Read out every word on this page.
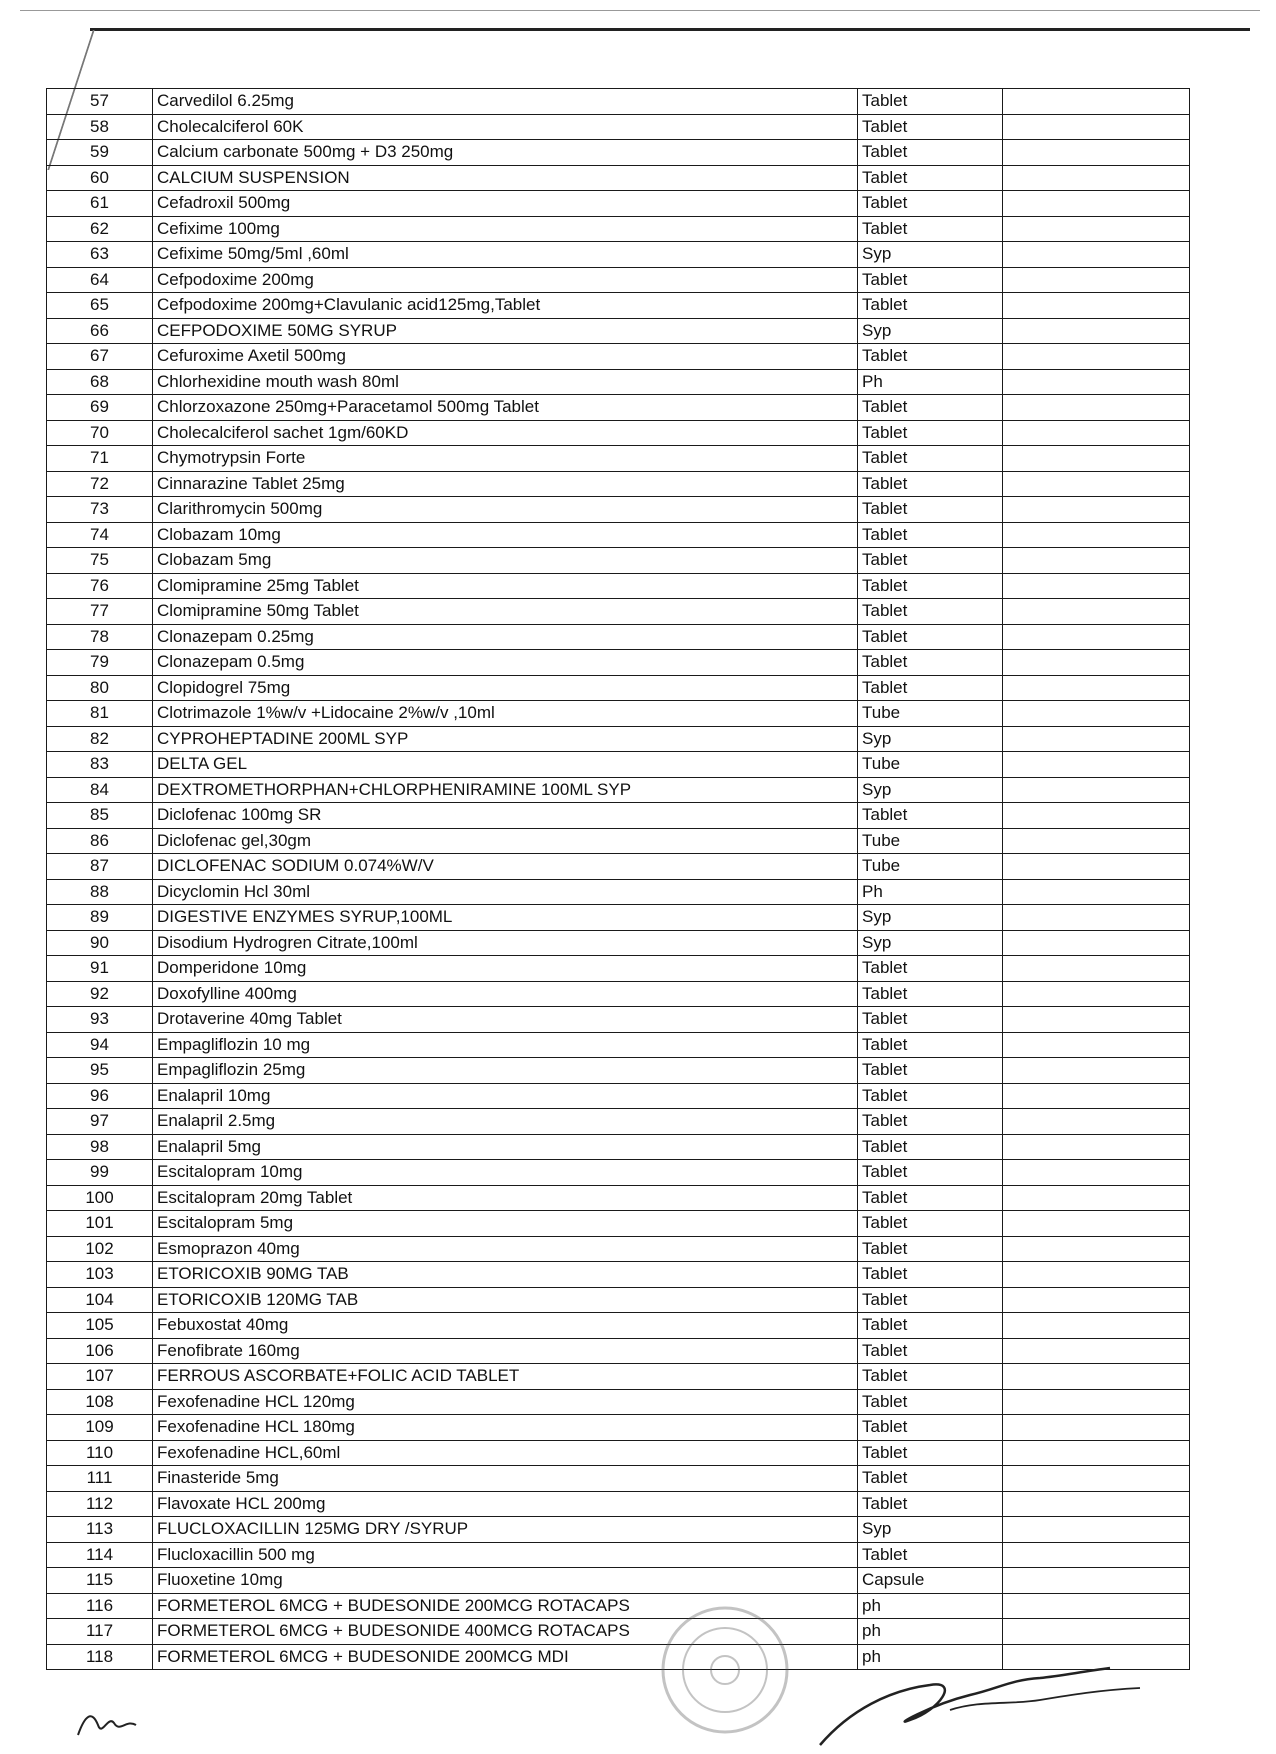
57	Carvedilol 6.25mg	Tablet	
58	Cholecalciferol 60K	Tablet	
59	Calcium carbonate 500mg + D3 250mg	Tablet	
60	CALCIUM SUSPENSION	Tablet	
61	Cefadroxil 500mg	Tablet	
62	Cefixime 100mg	Tablet	
63	Cefixime 50mg/5ml ,60ml	Syp	
64	Cefpodoxime 200mg	Tablet	
65	Cefpodoxime 200mg+Clavulanic acid125mg,Tablet	Tablet	
66	CEFPODOXIME 50MG SYRUP	Syp	
67	Cefuroxime Axetil 500mg	Tablet	
68	Chlorhexidine mouth wash 80ml	Ph	
69	Chlorzoxazone 250mg+Paracetamol 500mg Tablet	Tablet	
70	Cholecalciferol sachet 1gm/60KD	Tablet	
71	Chymotrypsin Forte	Tablet	
72	Cinnarazine Tablet 25mg	Tablet	
73	Clarithromycin 500mg	Tablet	
74	Clobazam 10mg	Tablet	
75	Clobazam 5mg	Tablet	
76	Clomipramine 25mg Tablet	Tablet	
77	Clomipramine 50mg Tablet	Tablet	
78	Clonazepam 0.25mg	Tablet	
79	Clonazepam 0.5mg	Tablet	
80	Clopidogrel 75mg	Tablet	
81	Clotrimazole 1%w/v +Lidocaine 2%w/v ,10ml	Tube	
82	CYPROHEPTADINE 200ML SYP	Syp	
83	DELTA GEL	Tube	
84	DEXTROMETHORPHAN+CHLORPHENIRAMINE 100ML SYP	Syp	
85	Diclofenac 100mg SR	Tablet	
86	Diclofenac gel,30gm	Tube	
87	DICLOFENAC SODIUM 0.074%W/V	Tube	
88	Dicyclomin Hcl 30ml	Ph	
89	DIGESTIVE ENZYMES SYRUP,100ML	Syp	
90	Disodium Hydrogren Citrate,100ml	Syp	
91	Domperidone 10mg	Tablet	
92	Doxofylline 400mg	Tablet	
93	Drotaverine 40mg Tablet	Tablet	
94	Empagliflozin 10 mg	Tablet	
95	Empagliflozin 25mg	Tablet	
96	Enalapril 10mg	Tablet	
97	Enalapril 2.5mg	Tablet	
98	Enalapril 5mg	Tablet	
99	Escitalopram 10mg	Tablet	
100	Escitalopram 20mg Tablet	Tablet	
101	Escitalopram 5mg	Tablet	
102	Esmoprazon 40mg	Tablet	
103	ETORICOXIB 90MG TAB	Tablet	
104	ETORICOXIB 120MG TAB	Tablet	
105	Febuxostat 40mg	Tablet	
106	Fenofibrate 160mg	Tablet	
107	FERROUS ASCORBATE+FOLIC ACID TABLET	Tablet	
108	Fexofenadine HCL 120mg	Tablet	
109	Fexofenadine HCL 180mg	Tablet	
110	Fexofenadine HCL,60ml	Tablet	
111	Finasteride 5mg	Tablet	
112	Flavoxate HCL 200mg	Tablet	
113	FLUCLOXACILLIN 125MG DRY /SYRUP	Syp	
114	Flucloxacillin 500 mg	Tablet	
115	Fluoxetine 10mg	Capsule	
116	FORMETEROL 6MCG + BUDESONIDE 200MCG ROTACAPS	ph	
117	FORMETEROL 6MCG + BUDESONIDE 400MCG ROTACAPS	ph	
118	FORMETEROL 6MCG + BUDESONIDE 200MCG MDI	ph	
